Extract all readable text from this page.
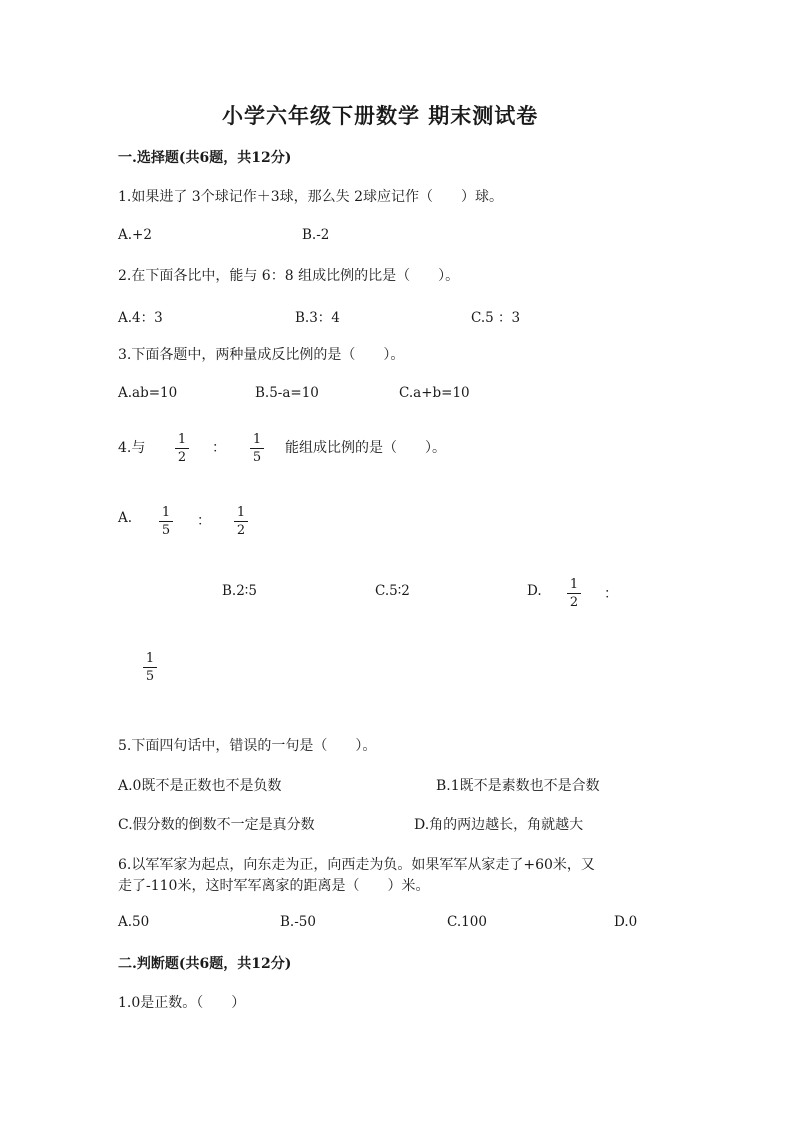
小学六年级下册数学 期末测试卷
一.选择题(共6题，共12分)
1.如果进了 3个球记作＋3球，那么失 2球应记作（　　）球。
A.+2	B.-2
2.在下面各比中，能与 6：8 组成比例的比是（　　）。
A.4：3	B.3：4	C.5 ：3
3.下面各题中，两种量成反比例的是（　　）。
A.ab=10	B.5-a=10	C.a+b=10
4.与
1
2
：
1
5
能组成比例的是（　　）。
A. 1
5
：
1
2
B.2∶5	C.5∶2	D. 1
2
：
1
5
5.下面四句话中，错误的一句是（　　）。
A.0既不是正数也不是负数	B.1既不是素数也不是合数
C.假分数的倒数不一定是真分数	D.角的两边越长，角就越大
6.以军军家为起点，向东走为正，向西走为负。如果军军从家走了+60米，又
走了-110米，这时军军离家的距离是（　　）米。
A.50	B.-50	C.100	D.0
二.判断题(共6题，共12分)
1.0是正数。（　　）
